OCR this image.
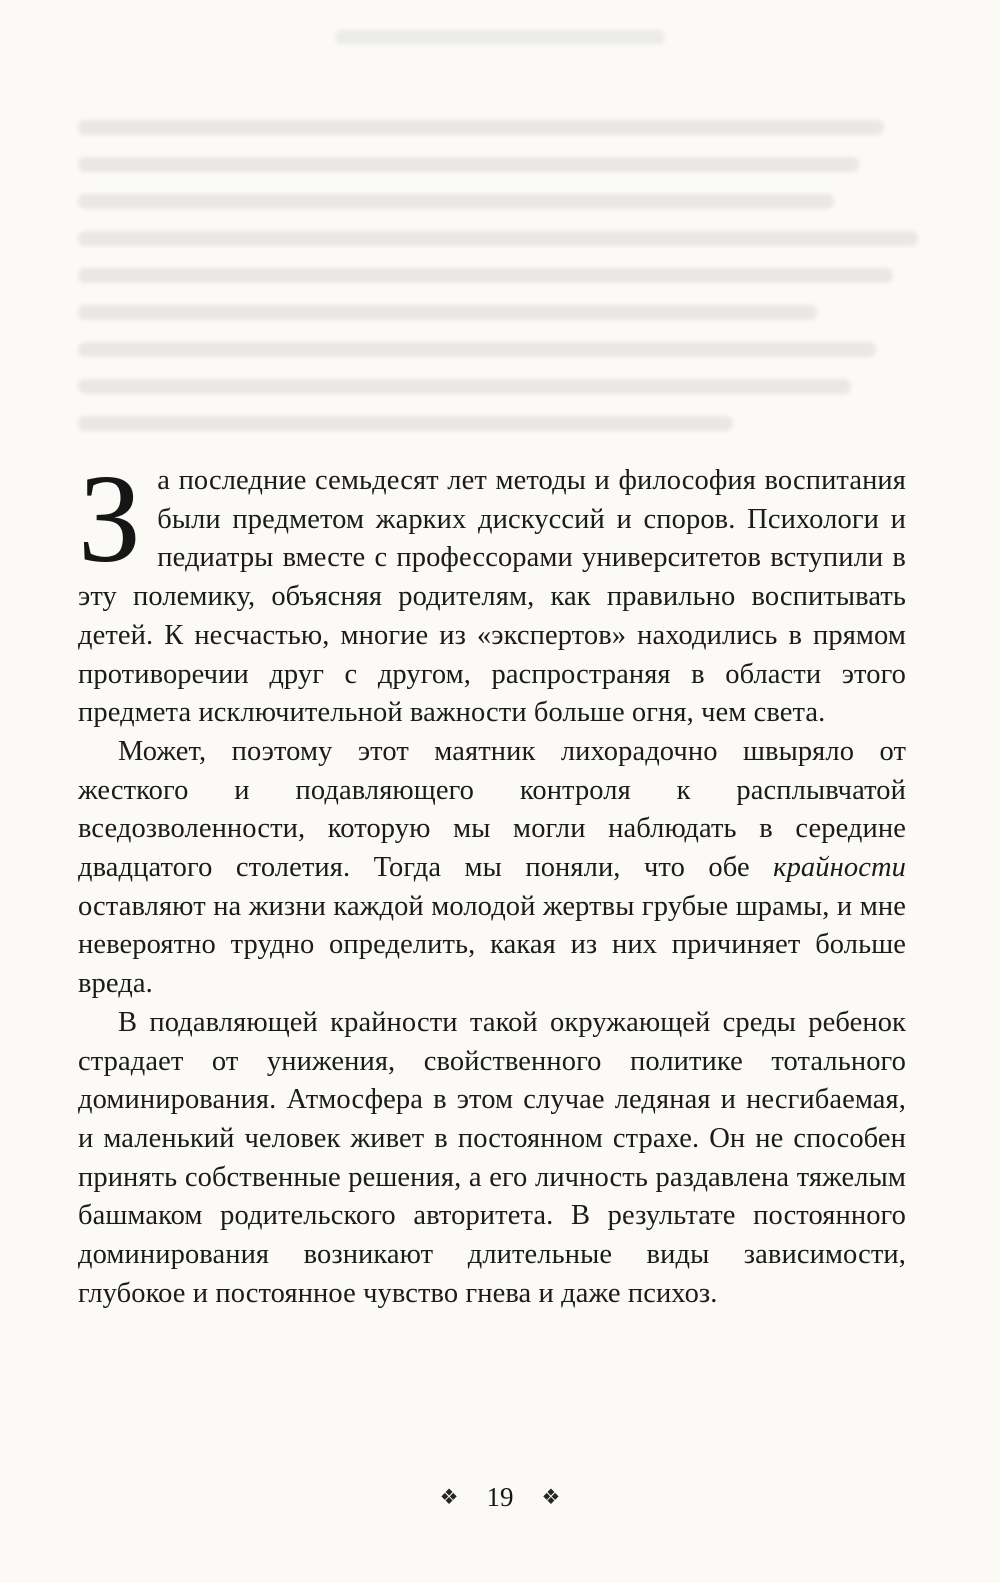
За последние семьдесят лет методы и философия воспитания были предметом жарких дискуссий и споров. Психологи и педиатры вместе с профессорами университетов вступили в эту полемику, объясняя родителям, как правильно воспитывать детей. К несчастью, многие из «экспертов» находились в прямом противоречии друг с другом, распространяя в области этого предмета исключительной важности больше огня, чем света.

Может, поэтому этот маятник лихорадочно швыряло от жесткого и подавляющего контроля к расплывчатой вседозволенности, которую мы могли наблюдать в середине двадцатого столетия. Тогда мы поняли, что обе крайности оставляют на жизни каждой молодой жертвы грубые шрамы, и мне невероятно трудно определить, какая из них причиняет больше вреда.

В подавляющей крайности такой окружающей среды ребенок страдает от унижения, свойственного политике тотального доминирования. Атмосфера в этом случае ледяная и несгибаемая, и маленький человек живет в постоянном страхе. Он не способен принять собственные решения, а его личность раздавлена тяжелым башмаком родительского авторитета. В результате постоянного доминирования возникают длительные виды зависимости, глубокое и постоянное чувство гнева и даже психоз.

❖ 19 ❖
